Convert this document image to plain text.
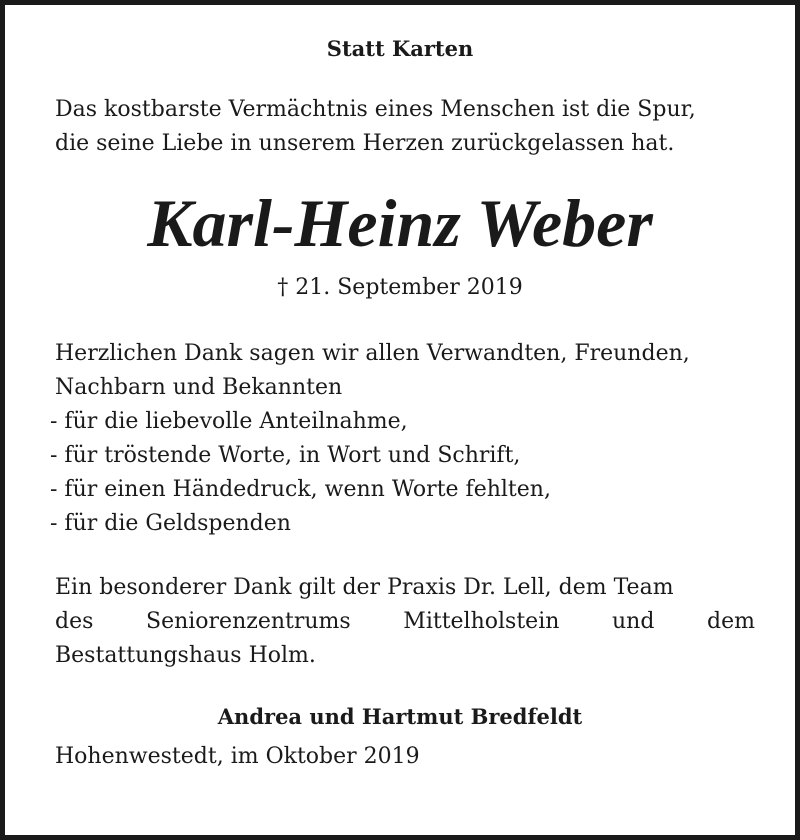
Statt Karten

Das kostbarste Vermächtnis eines Menschen ist die Spur,
die seine Liebe in unserem Herzen zurückgelassen hat.

Karl-Heinz Weber

† 21. September 2019

Herzlichen Dank sagen wir allen Verwandten, Freunden,
Nachbarn und Bekannten

- für die liebevolle Anteilnahme,
- für tröstende Worte, in Wort und Schrift,
- für einen Händedruck, wenn Worte fehlten,
- für die Geldspenden

Ein besonderer Dank gilt der Praxis Dr. Lell, dem Team
des Seniorenzentrums Mittelholstein und dem
Bestattungshaus Holm.

Andrea und Hartmut Bredfeldt

Hohenwestedt, im Oktober 2019
